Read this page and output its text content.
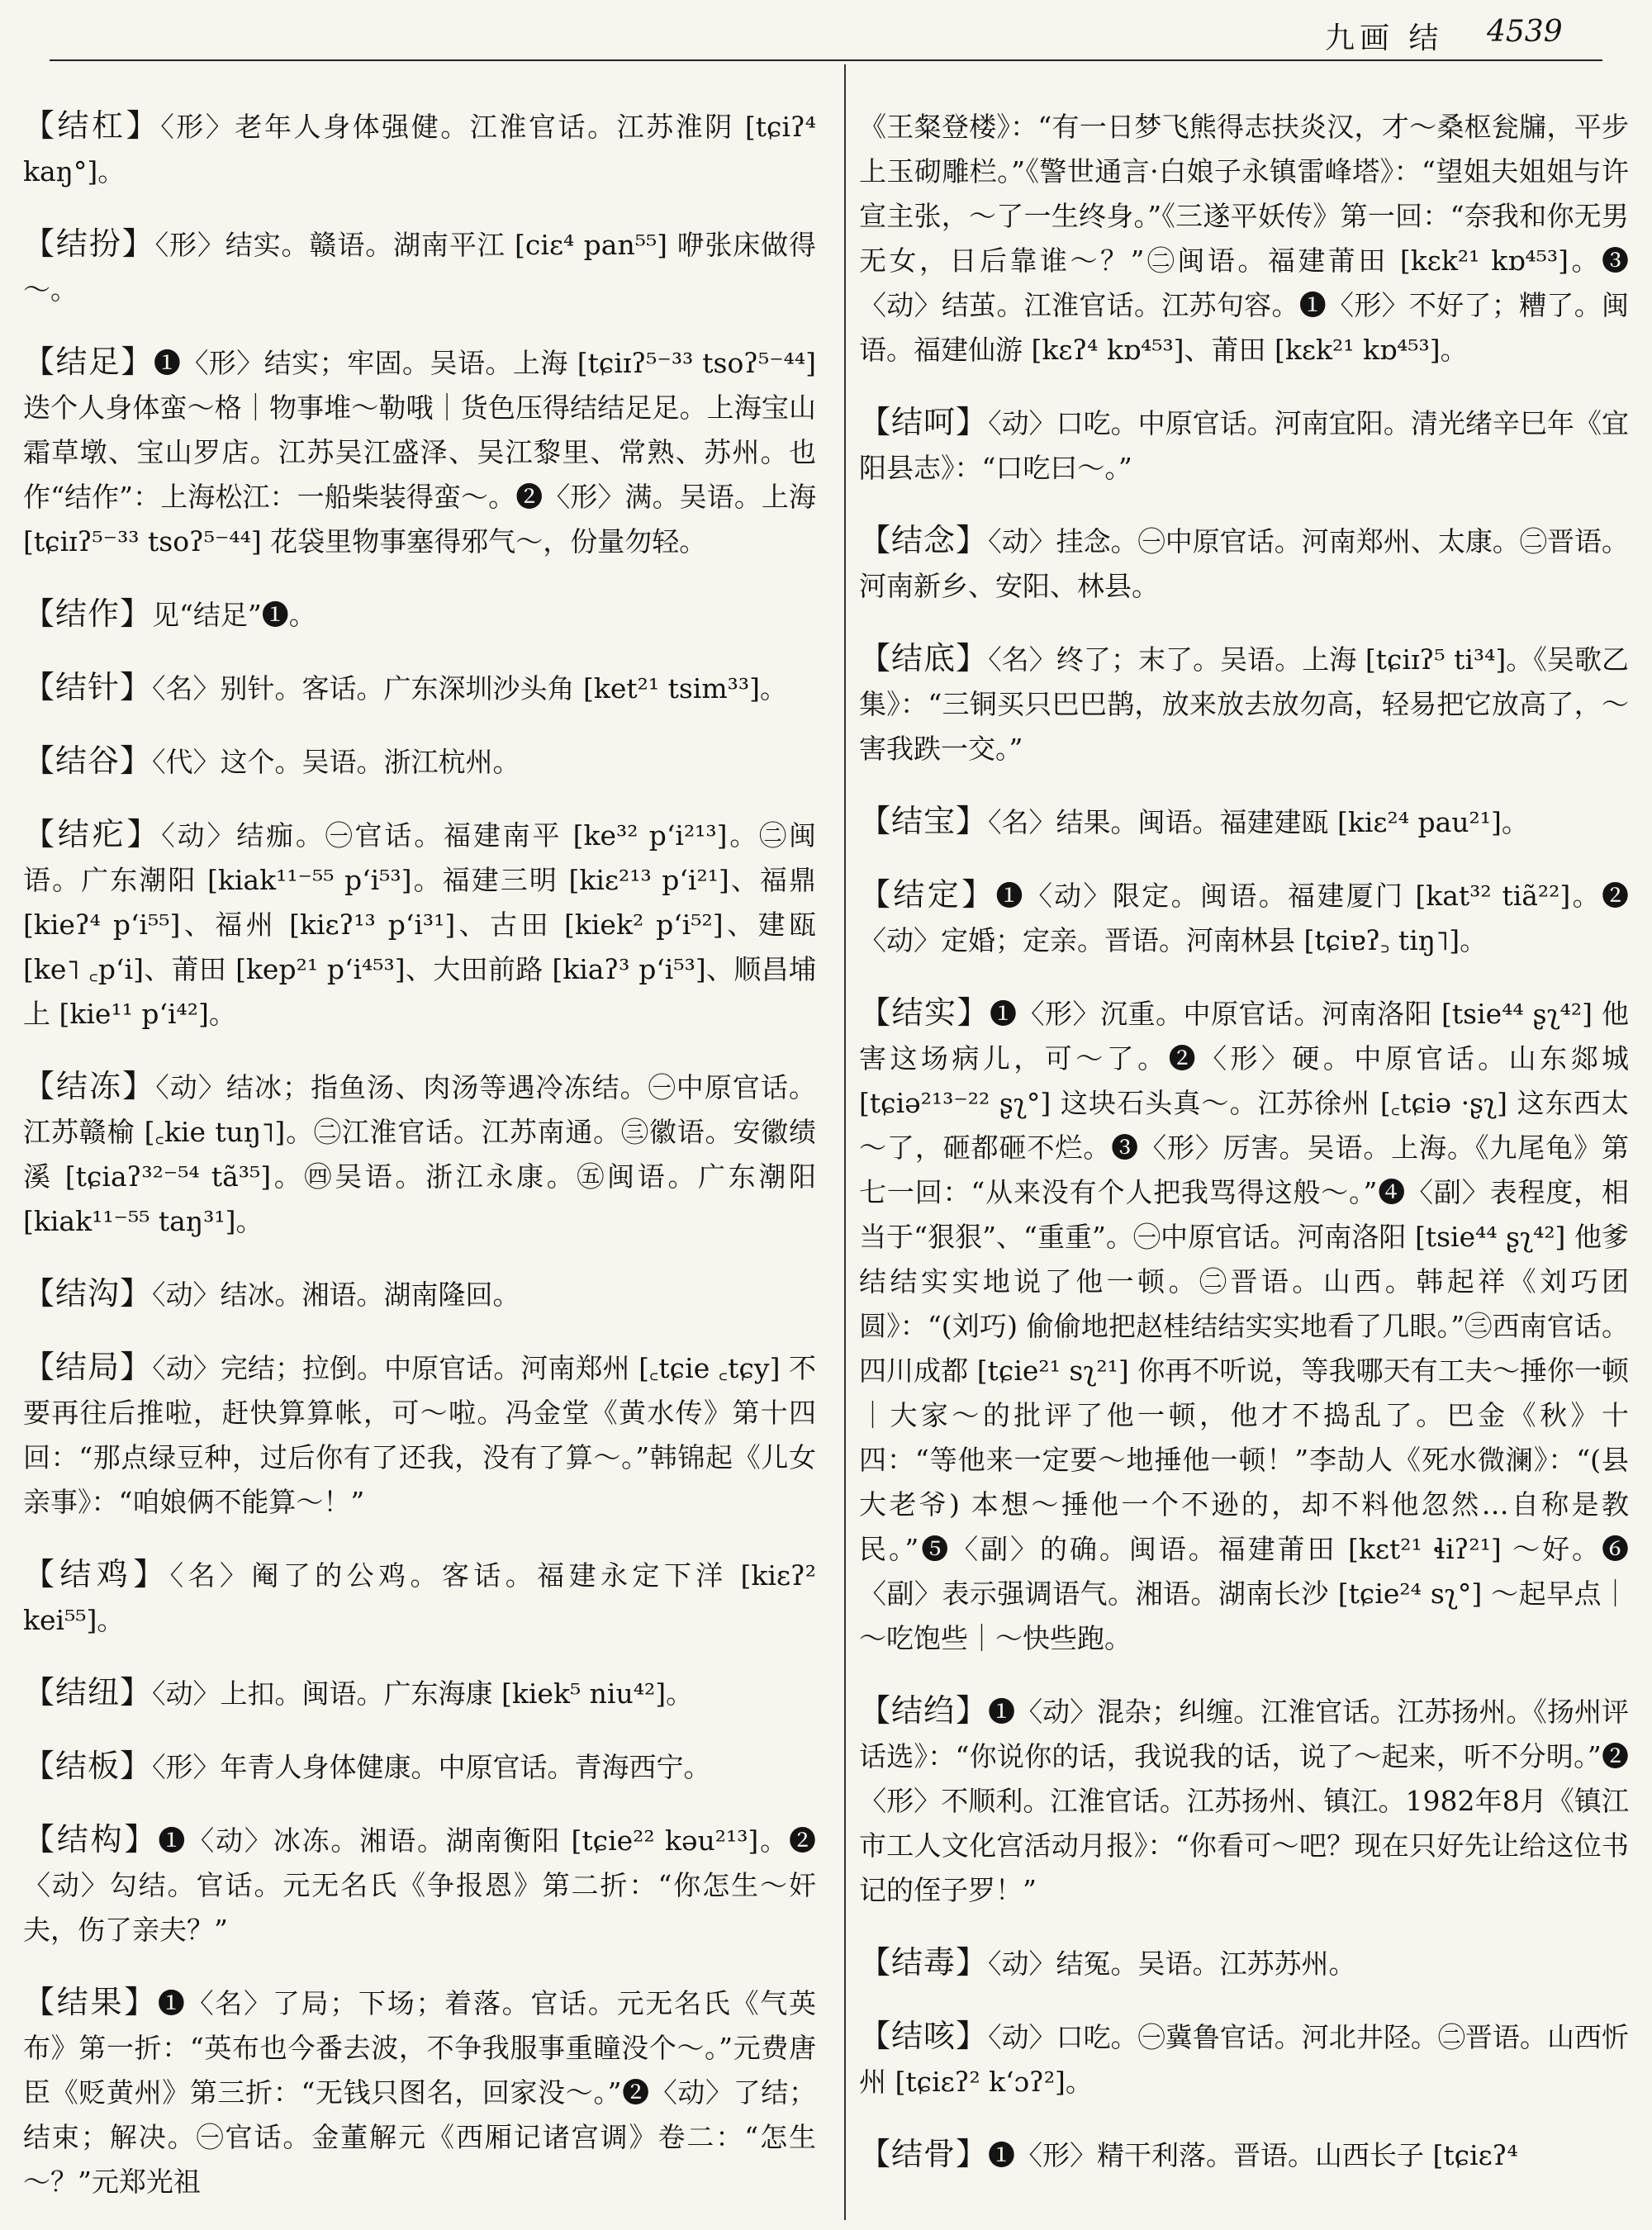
九画 结 4539

【结杠】〈形〉老年人身体强健。江淮官话。江苏淮阴 [tɕiʔ⁴ kaŋ°]。

【结扮】〈形〉结实。赣语。湖南平江 [ciɛ⁴ pan⁵⁵] 咿张床做得～。

【结足】❶〈形〉结实；牢固。吴语。上海 [tɕiɪʔ⁵⁻³³ tsoʔ⁵⁻⁴⁴] 迭个人身体蛮～格｜物事堆～勒哦｜货色压得结结足足。上海宝山霜草墩、宝山罗店。江苏吴江盛泽、吴江黎里、常熟、苏州。也作“结作”：上海松江：一船柴装得蛮～。❷〈形〉满。吴语。上海 [tɕiɪʔ⁵⁻³³ tsoʔ⁵⁻⁴⁴] 花袋里物事塞得邪气～，份量勿轻。

【结作】见“结足”❶。

【结针】〈名〉别针。客话。广东深圳沙头角 [ket²¹ tsim³³]。

【结谷】〈代〉这个。吴语。浙江杭州。

【结疕】〈动〉结痂。㊀官话。福建南平 [ke³² p‘i²¹³]。㊁闽语。广东潮阳 [kiak¹¹⁻⁵⁵ p‘i⁵³]。福建三明 [kiɛ²¹³ p‘i²¹]、福鼎 [kieʔ⁴ p‘i⁵⁵]、福州 [kiɛʔ¹³ p‘i³¹]、古田 [kiek² p‘i⁵²]、建瓯 [ke˥ ꜀p‘i]、莆田 [kep²¹ p‘i⁴⁵³]、大田前路 [kiaʔ³ p‘i⁵³]、顺昌埔上 [kie¹¹ p‘i⁴²]。

【结冻】〈动〉结冰；指鱼汤、肉汤等遇冷冻结。㊀中原官话。江苏赣榆 [꜀kie tuŋ˥]。㊁江淮官话。江苏南通。㊂徽语。安徽绩溪 [tɕiaʔ³²⁻⁵⁴ tã³⁵]。㊃吴语。浙江永康。㊄闽语。广东潮阳 [kiak¹¹⁻⁵⁵ taŋ³¹]。

【结沟】〈动〉结冰。湘语。湖南隆回。

【结局】〈动〉完结；拉倒。中原官话。河南郑州 [꜀tɕie ꜀tɕy] 不要再往后推啦，赶快算算帐，可～啦。冯金堂《黄水传》第十四回：“那点绿豆种，过后你有了还我，没有了算～。”韩锦起《儿女亲事》：“咱娘俩不能算～！”

【结鸡】〈名〉阉了的公鸡。客话。福建永定下洋 [kiɛʔ² kei⁵⁵]。

【结纽】〈动〉上扣。闽语。广东海康 [kiek⁵ niu⁴²]。

【结板】〈形〉年青人身体健康。中原官话。青海西宁。

【结构】❶〈动〉冰冻。湘语。湖南衡阳 [tɕie²² kəu²¹³]。❷〈动〉勾结。官话。元无名氏《争报恩》第二折：“你怎生～奸夫，伤了亲夫？”

【结果】❶〈名〉了局；下场；着落。官话。元无名氏《气英布》第一折：“英布也今番去波，不争我服事重瞳没个～。”元费唐臣《贬黄州》第三折：“无钱只图名，回家没～。”❷〈动〉了结；结束；解决。㊀官话。金董解元《西厢记诸宫调》卷二：“怎生～？”元郑光祖

《王粲登楼》：“有一日梦飞熊得志扶炎汉，才～桑枢瓮牖，平步上玉砌雕栏。”《警世通言·白娘子永镇雷峰塔》：“望姐夫姐姐与许宣主张，～了一生终身。”《三遂平妖传》第一回：“奈我和你无男无女，日后靠谁～？”㊁闽语。福建莆田 [kɛk²¹ kɒ⁴⁵³]。❸〈动〉结茧。江淮官话。江苏句容。❶〈形〉不好了；糟了。闽语。福建仙游 [kɛʔ⁴ kɒ⁴⁵³]、莆田 [kɛk²¹ kɒ⁴⁵³]。

【结呵】〈动〉口吃。中原官话。河南宜阳。清光绪辛巳年《宜阳县志》：“口吃曰～。”

【结念】〈动〉挂念。㊀中原官话。河南郑州、太康。㊁晋语。河南新乡、安阳、林县。

【结底】〈名〉终了；末了。吴语。上海 [tɕiɪʔ⁵ ti³⁴]。《吴歌乙集》：“三铜买只巴巴鹊，放来放去放勿高，轻易把它放高了，～害我跌一交。”

【结宝】〈名〉结果。闽语。福建建瓯 [kiɛ²⁴ pau²¹]。

【结定】❶〈动〉限定。闽语。福建厦门 [kat³² tiã²²]。❷〈动〉定婚；定亲。晋语。河南林县 [tɕiɐʔ꜆ tiŋ˥]。

【结实】❶〈形〉沉重。中原官话。河南洛阳 [tsie⁴⁴ ʂʅ⁴²] 他害这场病儿，可～了。❷〈形〉硬。中原官话。山东郯城 [tɕiə²¹³⁻²² ʂʅ°] 这块石头真～。江苏徐州 [꜀tɕiə ·ʂʅ] 这东西太～了，砸都砸不烂。❸〈形〉厉害。吴语。上海。《九尾龟》第七一回：“从来没有个人把我骂得这般～。”❹〈副〉表程度，相当于“狠狠”、“重重”。㊀中原官话。河南洛阳 [tsie⁴⁴ ʂʅ⁴²] 他爹结结实实地说了他一顿。㊁晋语。山西。韩起祥《刘巧团圆》：“(刘巧) 偷偷地把赵桂结结实实地看了几眼。”㊂西南官话。四川成都 [tɕie²¹ sʅ²¹] 你再不听说，等我哪天有工夫～捶你一顿｜大家～的批评了他一顿，他才不捣乱了。巴金《秋》十四：“等他来一定要～地捶他一顿！”李劼人《死水微澜》：“(县大老爷) 本想～捶他一个不逊的，却不料他忽然…自称是教民。”❺〈副〉的确。闽语。福建莆田 [kɛt²¹ ɬiʔ²¹] ～好。❻〈副〉表示强调语气。湘语。湖南长沙 [tɕie²⁴ sʅ°] ～起早点｜～吃饱些｜～快些跑。

【结绉】❶〈动〉混杂；纠缠。江淮官话。江苏扬州。《扬州评话选》：“你说你的话，我说我的话，说了～起来，听不分明。”❷〈形〉不顺利。江淮官话。江苏扬州、镇江。1982年8月《镇江市工人文化宫活动月报》：“你看可～吧？现在只好先让给这位书记的侄子罗！”

【结毒】〈动〉结冤。吴语。江苏苏州。

【结咳】〈动〉口吃。㊀冀鲁官话。河北井陉。㊁晋语。山西忻州 [tɕiɛʔ² k‘ɔʔ²]。

【结骨】❶〈形〉精干利落。晋语。山西长子 [tɕiɛʔ⁴
